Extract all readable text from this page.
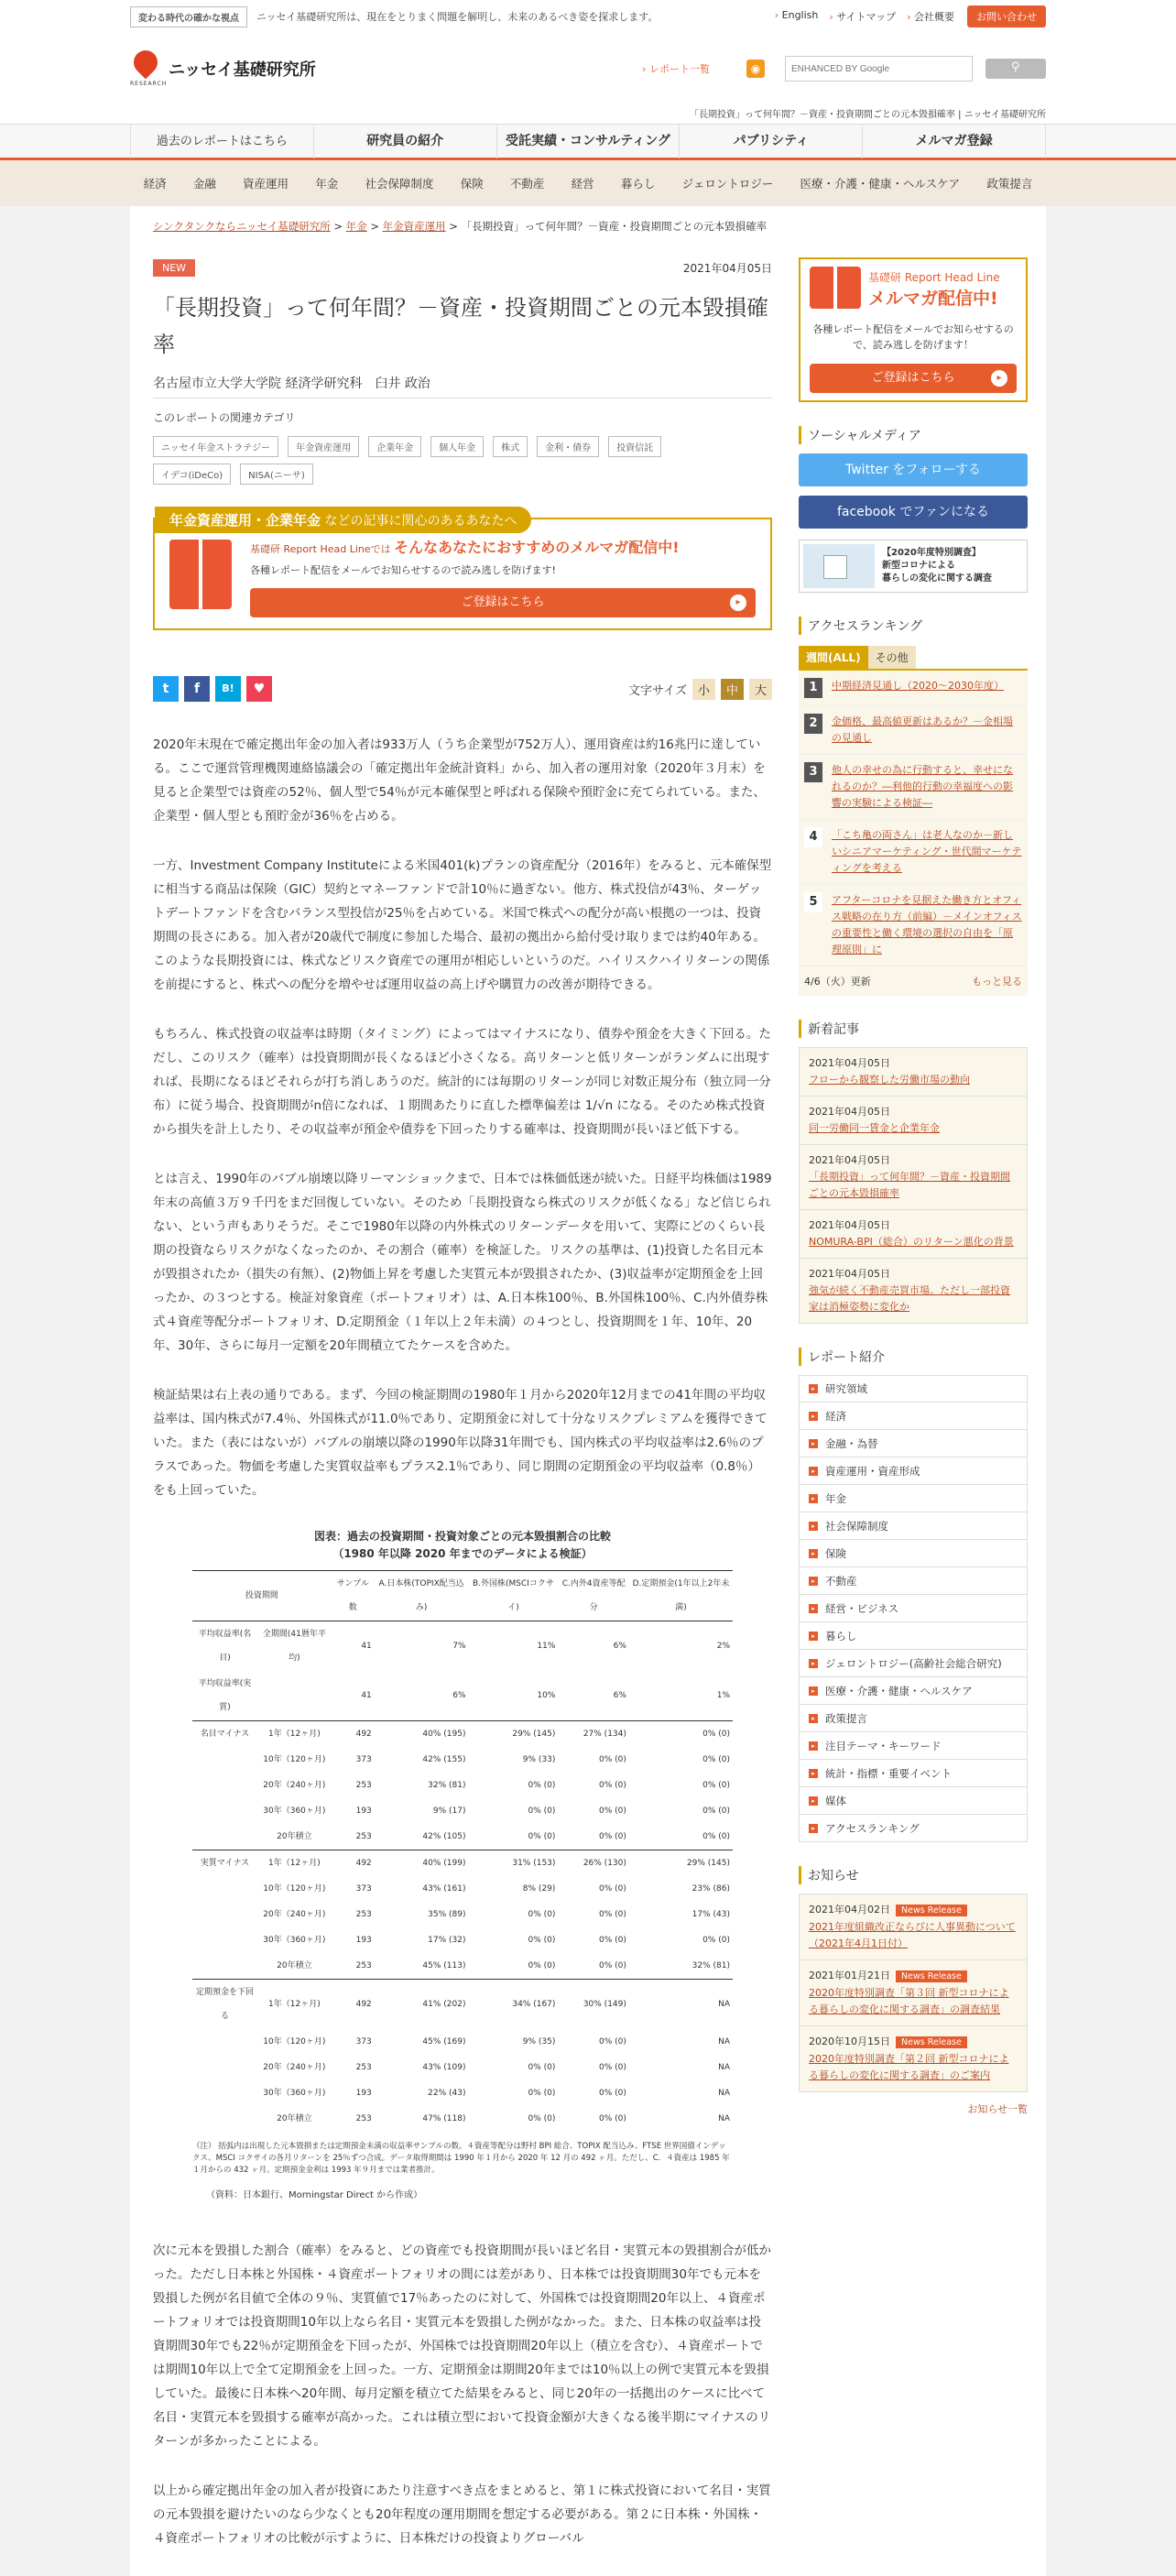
変わる時代の確かな視点	ニッセイ基礎研究所は、現在をとりまく問題を解明し、未来のあるべき姿を探求します。	› English	› サイトマップ	› 会社概要	お問い合わせ
RESEARCH
ニッセイ基礎研究所	› レポート一覧	◉
ENHANCED BY Google
⚲
「長期投資」って何年間？－資産・投資期間ごとの元本毀損確率 | ニッセイ基礎研究所
過去のレポートはこちら	研究員の紹介	受託実績・コンサルティング	パブリシティ	メルマガ登録
経済 金融 資産運用 年金 社会保障制度 保険 不動産 経営 暮らし ジェロントロジー 医療・介護・健康・ヘルスケア 政策提言
シンクタンクならニッセイ基礎研究所 > 年金 > 年金資産運用 > 「長期投資」って何年間？－資産・投資期間ごとの元本毀損確率
NEW	2021年04月05日
「長期投資」って何年間？－資産・投資期間ごとの元本毀損確率
名古屋市立大学大学院 経済学研究科　臼井 政治
このレポートの関連カテゴリ
ニッセイ年金ストラテジー	年金資産運用	企業年金	個人年金	株式	金利・債券	投資信託
イデコ(iDeCo)	NISA(ニーサ)
年金資産運用・企業年金 などの記事に関心のあるあなたへ
基礎研 Report Head Lineでは そんなあなたにおすすめのメルマガ配信中!
各種レポート配信をメールでお知らせするので読み逃しを防げます!
ご登録はこちら ▸
t	f	B!	♥	文字サイズ 小	中	大

2020年末現在で確定拠出年金の加入者は933万人（うち企業型が752万人）、運用資産は約16兆円に達している。ここで運営管理機関連絡協議会の「確定拠出年金統計資料」から、加入者の運用対象（2020年３月末）を見ると企業型では資産の52％、個人型で54％が元本確保型と呼ばれる保険や預貯金に充てられている。また、企業型・個人型とも預貯金が36％を占める。

一方、Investment Company Instituteによる米国401(k)プランの資産配分（2016年）をみると、元本確保型に相当する商品は保険（GIC）契約とマネーファンドで計10％に過ぎない。他方、株式投信が43％、ターゲットデートファンドを含むバランス型投信が25％を占めている。米国で株式への配分が高い根拠の一つは、投資期間の長さにある。加入者が20歳代で制度に参加した場合、最初の拠出から給付受け取りまでは約40年ある。このような長期投資には、株式などリスク資産での運用が相応しいというのだ。ハイリスクハイリターンの関係を前提にすると、株式への配分を増やせば運用収益の高上げや購買力の改善が期待できる。

もちろん、株式投資の収益率は時期（タイミング）によってはマイナスになり、債券や預金を大きく下回る。ただし、このリスク（確率）は投資期間が長くなるほど小さくなる。高リターンと低リターンがランダムに出現すれば、長期になるほどそれらが打ち消しあうのだ。統計的には毎期のリターンが同じ対数正規分布（独立同一分布）に従う場合、投資期間がn倍になれば、１期間あたりに直した標準偏差は 1/√n になる。そのため株式投資から損失を計上したり、その収益率が預金や債券を下回ったりする確率は、投資期間が長いほど低下する。

とは言え、1990年のバブル崩壊以降リーマンショックまで、日本では株価低迷が続いた。日経平均株価は1989年末の高値３万９千円をまだ回復していない。そのため「長期投資なら株式のリスクが低くなる」など信じられない、という声もありそうだ。そこで1980年以降の内外株式のリターンデータを用いて、実際にどのくらい長期の投資ならリスクがなくなったのか、その割合（確率）を検証した。リスクの基準は、(1)投資した名目元本が毀損されたか（損失の有無）、(2)物価上昇を考慮した実質元本が毀損されたか、(3)収益率が定期預金を上回ったか、の３つとする。検証対象資産（ポートフォリオ）は、A.日本株100％、B.外国株100％、C.内外債券株式４資産等配分ポートフォリオ、D.定期預金（１年以上２年未満）の４つとし、投資期間を１年、10年、20年、30年、さらに毎月一定額を20年間積立てたケースを含めた。

検証結果は右上表の通りである。まず、今回の検証期間の1980年１月から2020年12月までの41年間の平均収益率は、国内株式が7.4％、外国株式が11.0％であり、定期預金に対して十分なリスクプレミアムを獲得できていた。また（表にはないが）バブルの崩壊以降の1990年以降31年間でも、国内株式の平均収益率は2.6％のプラスであった。物価を考慮した実質収益率もプラス2.1％であり、同じ期間の定期預金の平均収益率（0.8％）をも上回っていた。

図表：過去の投資期間・投資対象ごとの元本毀損割合の比較
（1980 年以降 2020 年までのデータによる検証）
投資期間		サンプル数	A.日本株(TOPIX配当込み)	B.外国株(MSCIコクサイ)	C.内外4資産等配分	D.定期預金(1年以上2年未満)
平均収益率(名目)	全期間(41暦年平均)	41	7%	11%	6%	2%
平均収益率(実質)		41	6%	10%	6%	1%
名目マイナス	1年（12ヶ月)	492	40% (195)	29% (145)	27% (134)	0% (0)
	10年（120ヶ月)	373	42% (155)	9% (33)	0% (0)	0% (0)
	20年（240ヶ月)	253	32% (81)	0% (0)	0% (0)	0% (0)
	30年（360ヶ月)	193	9% (17)	0% (0)	0% (0)	0% (0)
	20年積立	253	42% (105)	0% (0)	0% (0)	0% (0)
実質マイナス	1年（12ヶ月)	492	40% (199)	31% (153)	26% (130)	29% (145)
	10年（120ヶ月)	373	43% (161)	8% (29)	0% (0)	23% (86)
	20年（240ヶ月)	253	35% (89)	0% (0)	0% (0)	17% (43)
	30年（360ヶ月)	193	17% (32)	0% (0)	0% (0)	0% (0)
	20年積立	253	45% (113)	0% (0)	0% (0)	32% (81)
定期預金を下回る	1年（12ヶ月)	492	41% (202)	34% (167)	30% (149)	NA
	10年（120ヶ月)	373	45% (169)	9% (35)	0% (0)	NA
	20年（240ヶ月)	253	43% (109)	0% (0)	0% (0)	NA
	30年（360ヶ月)	193	22% (43)	0% (0)	0% (0)	NA
	20年積立	253	47% (118)	0% (0)	0% (0)	NA
（注） 括弧内は出現した元本毀損または定期預金未満の収益率サンプルの数。４資産等配分は野村 BPI 総合、TOPIX 配当込み、FTSE 世界国債インデックス、MSCI コクサイの各月リターンを 25％ずつ合成。データ取得期間は 1990 年１月から 2020 年 12 月の 492 ヶ月。ただし、C．４資産は 1985 年１月からの 432 ヶ月。定期預金金利は 1993 年９月までは業者推計。
（資料：日本銀行、Morningstar Direct から作成）

次に元本を毀損した割合（確率）をみると、どの資産でも投資期間が長いほど名目・実質元本の毀損割合が低かった。ただし日本株と外国株・４資産ポートフォリオの間には差があり、日本株では投資期間30年でも元本を毀損した例が名目値で全体の９％、実質値で17％あったのに対して、外国株では投資期間20年以上、４資産ポートフォリオでは投資期間10年以上なら名目・実質元本を毀損した例がなかった。また、日本株の収益率は投資期間30年でも22％が定期預金を下回ったが、外国株では投資期間20年以上（積立を含む）、４資産ポートでは期間10年以上で全て定期預金を上回った。一方、定期預金は期間20年までは10％以上の例で実質元本を毀損していた。最後に日本株へ20年間、毎月定額を積立てた結果をみると、同じ20年の一括拠出のケースに比べて名目・実質元本を毀損する確率が高かった。これは積立型において投資金額が大きくなる後半期にマイナスのリターンが多かったことによる。

以上から確定拠出年金の加入者が投資にあたり注意すべき点をまとめると、第１に株式投資において名目・実質の元本毀損を避けたいのなら少なくとも20年程度の運用期間を想定する必要がある。第２に日本株・外国株・４資産ポートフォリオの比較が示すように、日本株だけの投資よりグローバル

基礎研 Report Head Line
メルマガ配信中!
各種レポート配信をメールでお知らせするので、読み逃しを防げます！
ご登録はこちら ▸
ソーシャルメディア
Twitter をフォローする
facebook でファンになる
【2020年度特別調査】
新型コロナによる
暮らしの変化に関する調査
アクセスランキング
週間(ALL)	その他
1	中期経済見通し（2020～2030年度）
2	金価格、最高値更新はあるか？－金相場の見通し
3	他人の幸せの為に行動すると、幸せになれるのか？―利他的行動の幸福度への影響の実験による検証―
4	「こち亀の両さん」は老人なのか－新しいシニアマーケティング・世代間マーケティングを考える
5	アフターコロナを見据えた働き方とオフィス戦略の在り方（前編）－メインオフィスの重要性と働く環境の選択の自由を「原理原則」に
4/6（火）更新	もっと見る
新着記事
2021年04月05日
フローから観察した労働市場の動向
2021年04月05日
同一労働同一賃金と企業年金
2021年04月05日
「長期投資」って何年間？－資産・投資期間ごとの元本毀損確率
2021年04月05日
NOMURA-BPI（総合）のリターン悪化の背景
2021年04月05日
強気が続く不動産売買市場。ただし一部投資家は消極姿勢に変化か
レポート紹介
▸ 研究領域
▸ 経済
▸ 金融・為替
▸ 資産運用・資産形成
▸ 年金
▸ 社会保障制度
▸ 保険
▸ 不動産
▸ 経営・ビジネス
▸ 暮らし
▸ ジェロントロジー(高齢社会総合研究)
▸ 医療・介護・健康・ヘルスケア
▸ 政策提言
▸ 注目テーマ・キーワード
▸ 統計・指標・重要イベント
▸ 媒体
▸ アクセスランキング
お知らせ
2021年04月02日 News Release
2021年度組織改正ならびに人事異動について（2021年4月1日付）
2021年01月21日 News Release
2020年度特別調査「第３回 新型コロナによる暮らしの変化に関する調査」の調査結果
2020年10月15日 News Release
2020年度特別調査「第２回 新型コロナによる暮らしの変化に関する調査」のご案内
お知らせ一覧
